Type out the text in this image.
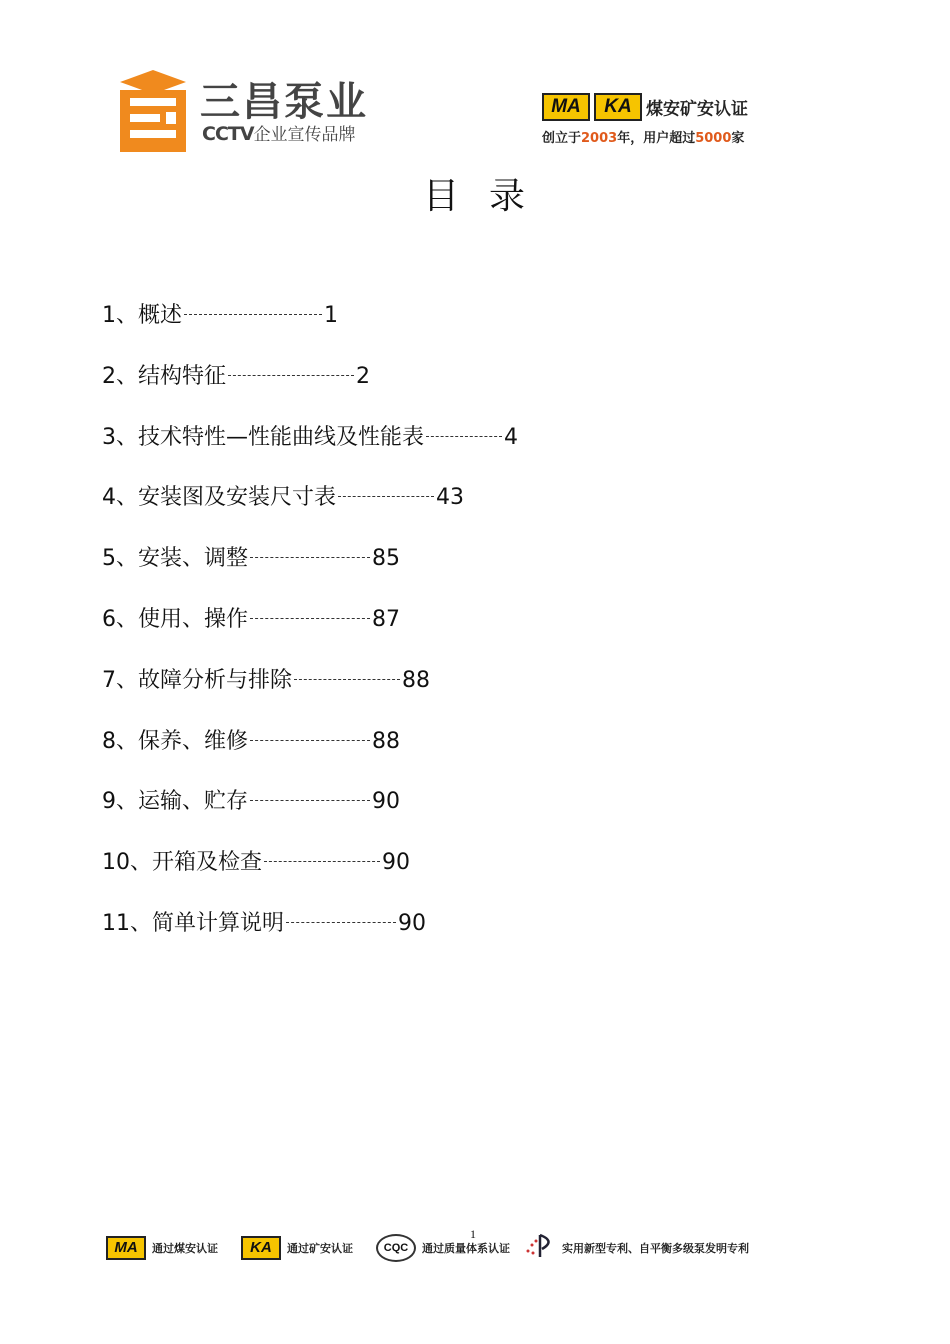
三昌泵业
CCTV企业宣传品牌
MA KA 煤安矿安认证
创立于2003年，用户超过5000家
目录
1、概述	1
2、结构特征	2
3、技术特性—性能曲线及性能表	4
4、安装图及安装尺寸表	43
5、安装、调整	85
6、使用、操作	87
7、故障分析与排除	88
8、保养、维修	88
9、运输、贮存	90
10、开箱及检查	90
11、简单计算说明	90
1
MA	通过煤安认证	KA	通过矿安认证	CQC	通过质量体系认证	实用新型专利、自平衡多级泵发明专利
